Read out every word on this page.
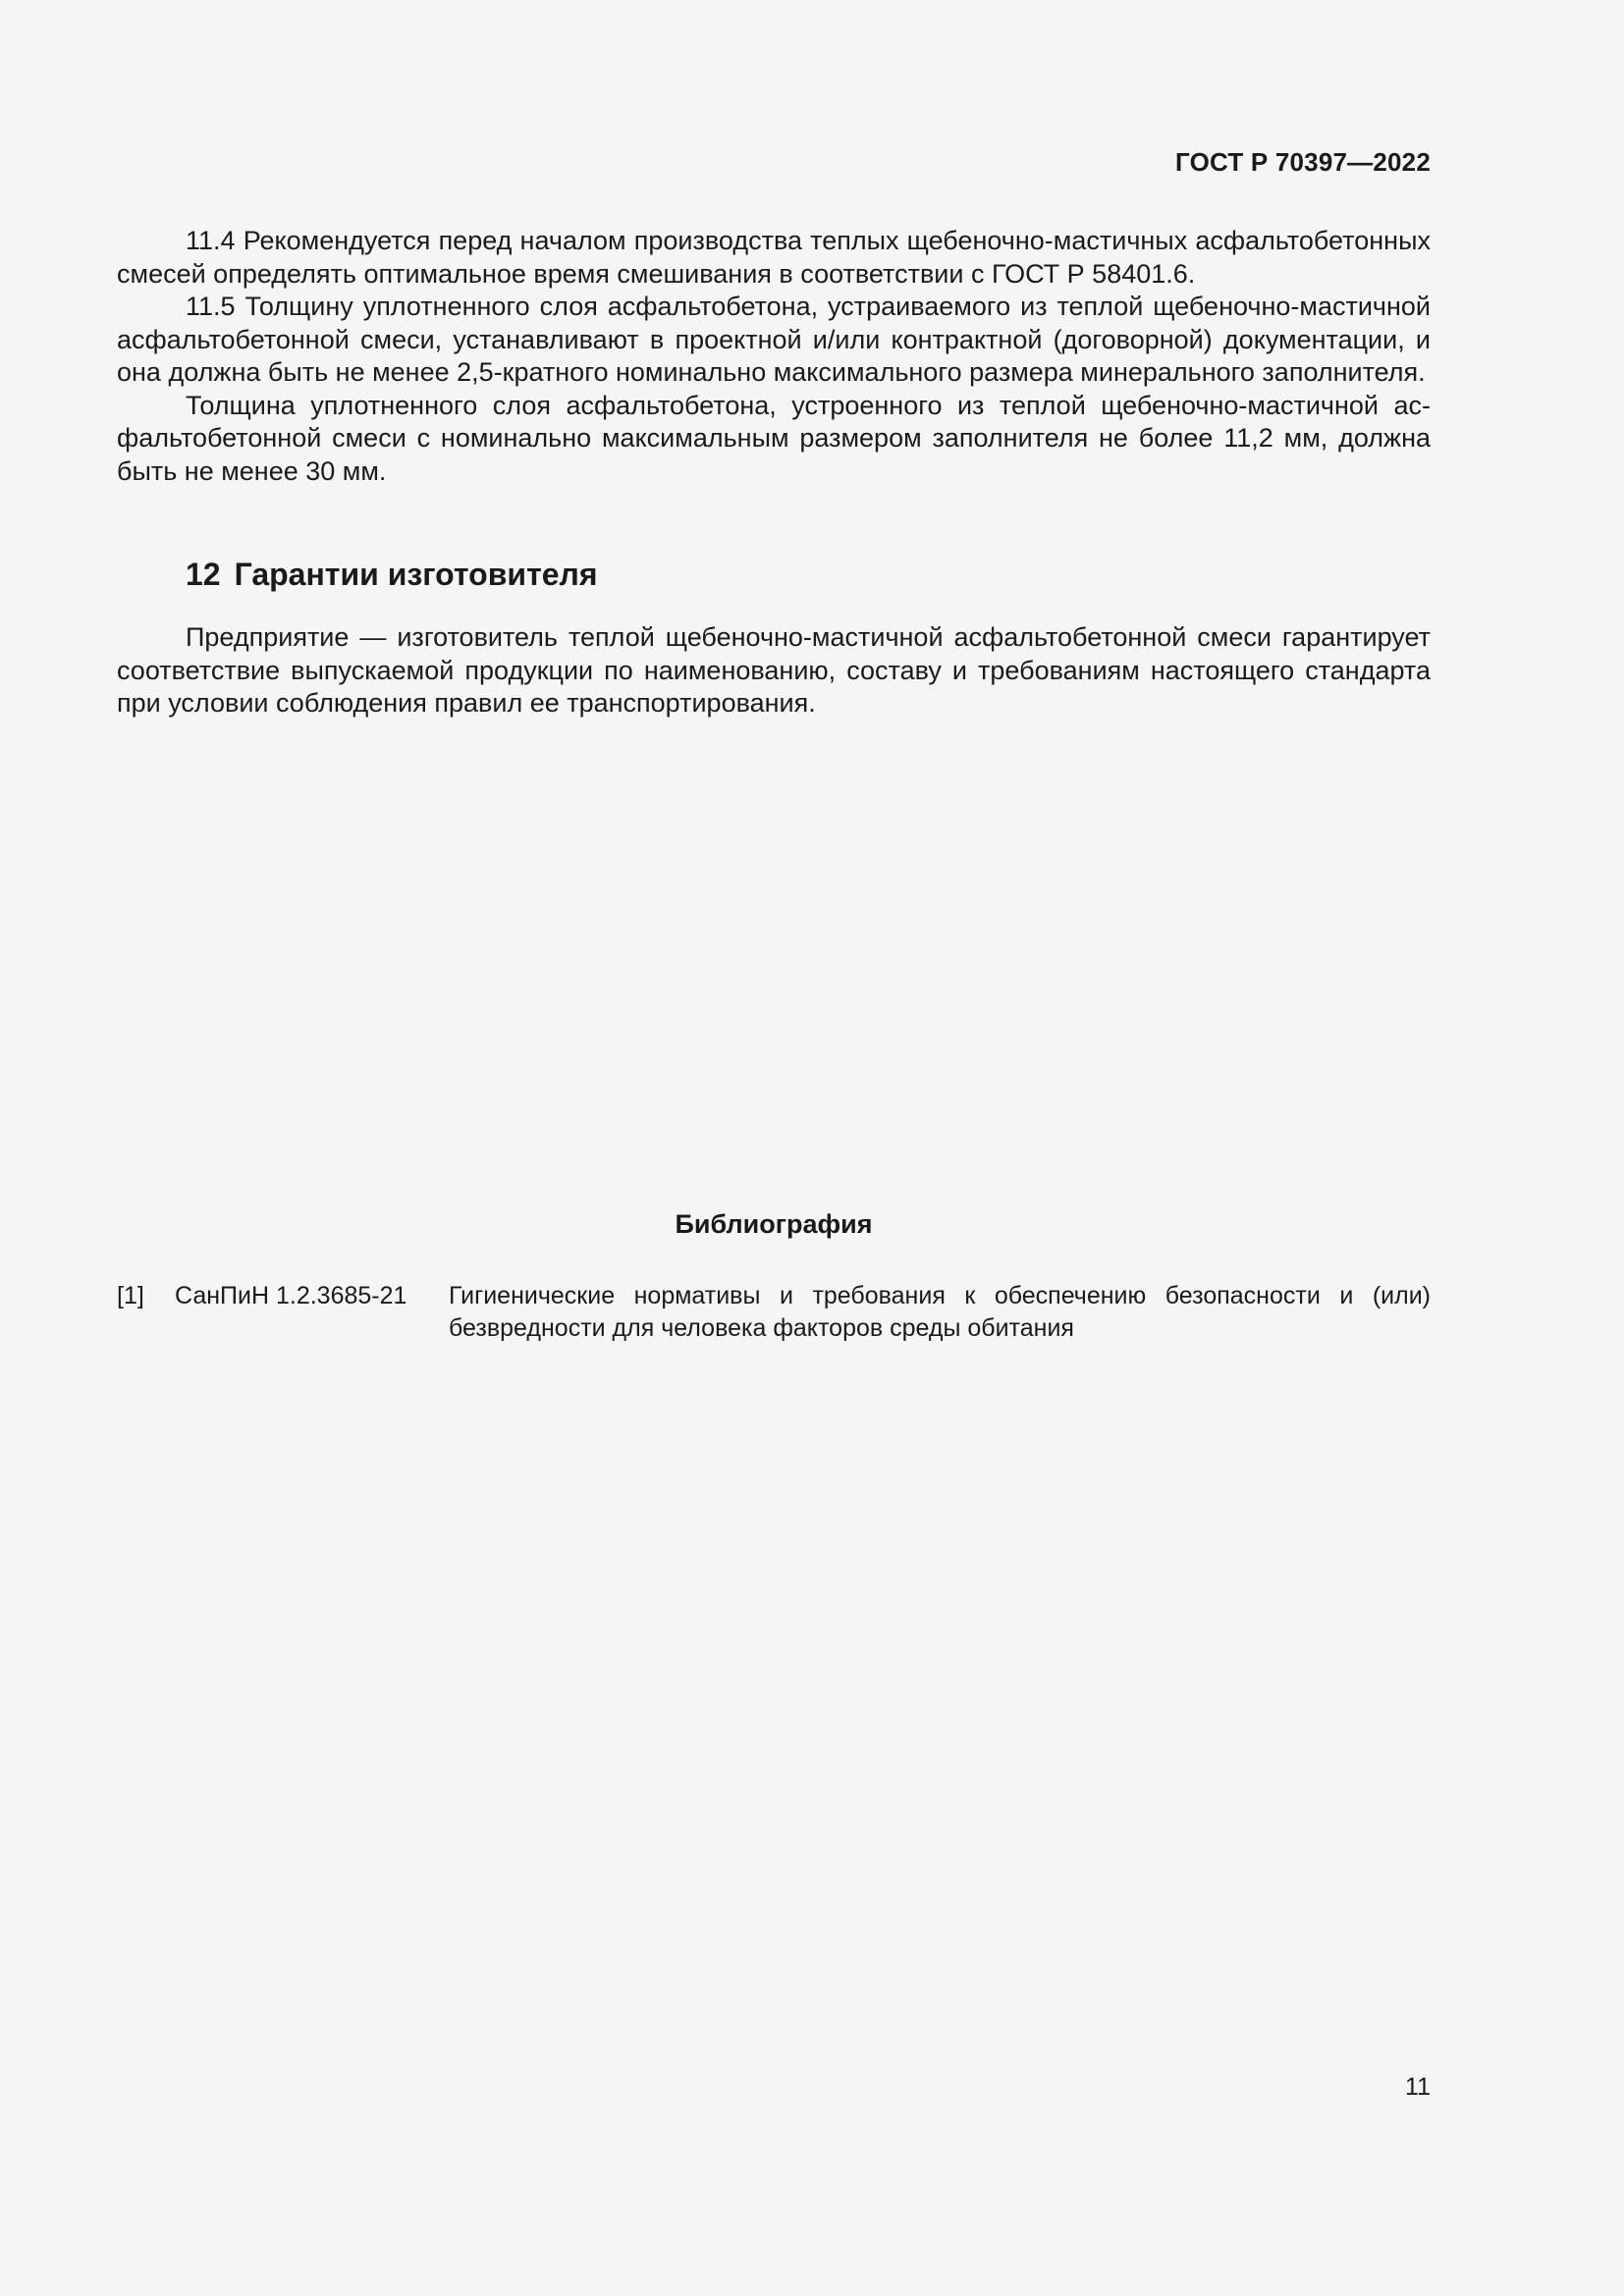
ГОСТ Р 70397—2022

11.4 Рекомендуется перед началом производства теплых щебеночно-мастичных асфальтобетонных смесей определять оптимальное время смешивания в соответствии с ГОСТ Р 58401.6.

11.5 Толщину уплотненного слоя асфальтобетона, устраиваемого из теплой щебеночно-мастичной асфальтобетонной смеси, устанавливают в проектной и/или контрактной (договорной) документации, и она должна быть не менее 2,5-кратного номинально максимального размера минерального заполнителя.

Толщина уплотненного слоя асфальтобетона, устроенного из теплой щебеночно-мастичной асфальтобетонной смеси с номинально максимальным размером заполнителя не более 11,2 мм, должна быть не менее 30 мм.

12 Гарантии изготовителя

Предприятие — изготовитель теплой щебеночно-мастичной асфальтобетонной смеси гарантирует соответствие выпускаемой продукции по наименованию, составу и требованиям настоящего стандарта при условии соблюдения правил ее транспортирования.

Библиография
[1] СанПиН 1.2.3685-21 Гигиенические нормативы и требования к обеспечению безопасности и (или) безвредности для человека факторов среды обитания
11
